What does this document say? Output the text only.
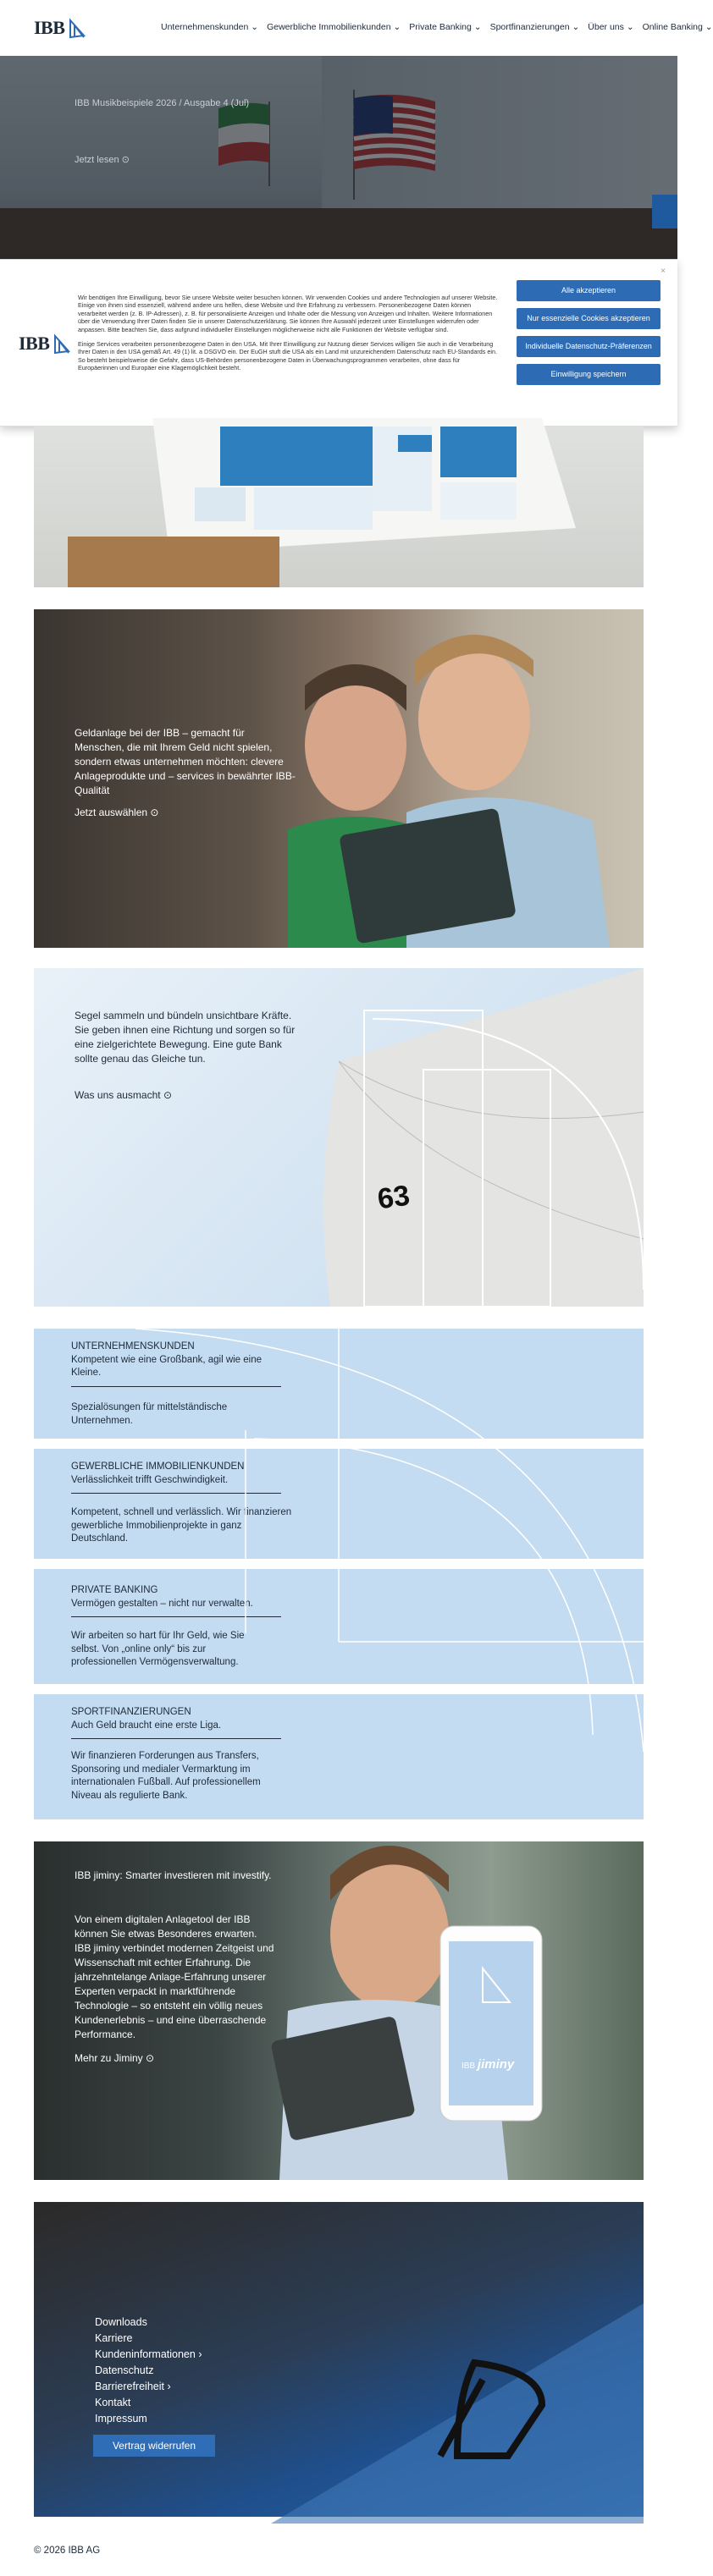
IBB	Unternehmenskunden ⌄ Gewerbliche Immobilienkunden ⌄ Private Banking ⌄ Sportfinanzierungen ⌄ Über uns ⌄ Online Banking ⌄
IBB Musikbeispiele 2026 / Ausgabe 4 (Jul)
Jetzt lesen ⊙
×
IBB

Wir benötigen Ihre Einwilligung, bevor Sie unsere Website weiter besuchen können. Wir verwenden Cookies und andere Technologien auf unserer Website. Einige von ihnen sind essenziell, während andere uns helfen, diese Website und Ihre Erfahrung zu verbessern. Personenbezogene Daten können verarbeitet werden (z. B. IP-Adressen), z. B. für personalisierte Anzeigen und Inhalte oder die Messung von Anzeigen und Inhalten. Weitere Informationen über die Verwendung Ihrer Daten finden Sie in unserer Datenschutzerklärung. Sie können Ihre Auswahl jederzeit unter Einstellungen widerrufen oder anpassen. Bitte beachten Sie, dass aufgrund individueller Einstellungen möglicherweise nicht alle Funktionen der Website verfügbar sind.

Einige Services verarbeiten personenbezogene Daten in den USA. Mit Ihrer Einwilligung zur Nutzung dieser Services willigen Sie auch in die Verarbeitung Ihrer Daten in den USA gemäß Art. 49 (1) lit. a DSGVO ein. Der EuGH stuft die USA als ein Land mit unzureichendem Datenschutz nach EU-Standards ein. So besteht beispielsweise die Gefahr, dass US-Behörden personenbezogene Daten in Überwachungsprogrammen verarbeiten, ohne dass für Europäerinnen und Europäer eine Klagemöglichkeit besteht.

Alle akzeptieren
Nur essenzielle Cookies akzeptieren
Individuelle Datenschutz-Präferenzen
Einwilligung speichern
Geldanlage bei der IBB – gemacht für Menschen, die mit Ihrem Geld nicht spielen, sondern etwas unternehmen möchten: clevere Anlageprodukte und – services in bewährter IBB-Qualität
Jetzt auswählen ⊙
63
Segel sammeln und bündeln unsichtbare Kräfte. Sie geben ihnen eine Richtung und sorgen so für eine zielgerichtete Bewegung. Eine gute Bank sollte genau das Gleiche tun.
Was uns ausmacht ⊙
UNTERNEHMENSKUNDEN
Kompetent wie eine Großbank, agil wie eine Kleine.
Spezialösungen für mittelständische Unternehmen.
GEWERBLICHE IMMOBILIENKUNDEN
Verlässlichkeit trifft Geschwindigkeit.
Kompetent, schnell und verlässlich. Wir finanzieren gewerbliche Immobilienprojekte in ganz Deutschland.
PRIVATE BANKING
Vermögen gestalten – nicht nur verwalten.
Wir arbeiten so hart für Ihr Geld, wie Sie selbst. Von „online only“ bis zur professionellen Vermögensverwaltung.
SPORTFINANZIERUNGEN
Auch Geld braucht eine erste Liga.
Wir finanzieren Forderungen aus Transfers, Sponsoring und medialer Vermarktung im internationalen Fußball. Auf professionellem Niveau als regulierte Bank.
IBB jiminy
IBB jiminy: Smarter investieren mit investify.
Von einem digitalen Anlagetool der IBB können Sie etwas Besonderes erwarten. IBB jiminy verbindet modernen Zeitgeist und Wissenschaft mit echter Erfahrung. Die jahrzehntelange Anlage-Erfahrung unserer Experten verpackt in marktführende Technologie – so entsteht ein völlig neues Kundenerlebnis – und eine überraschende Performance.
Mehr zu Jiminy ⊙
Downloads
Karriere
Kundeninformationen ›
Datenschutz
Barrierefreiheit ›
Kontakt
Impressum
Vertrag widerrufen
© 2026 IBB AG
